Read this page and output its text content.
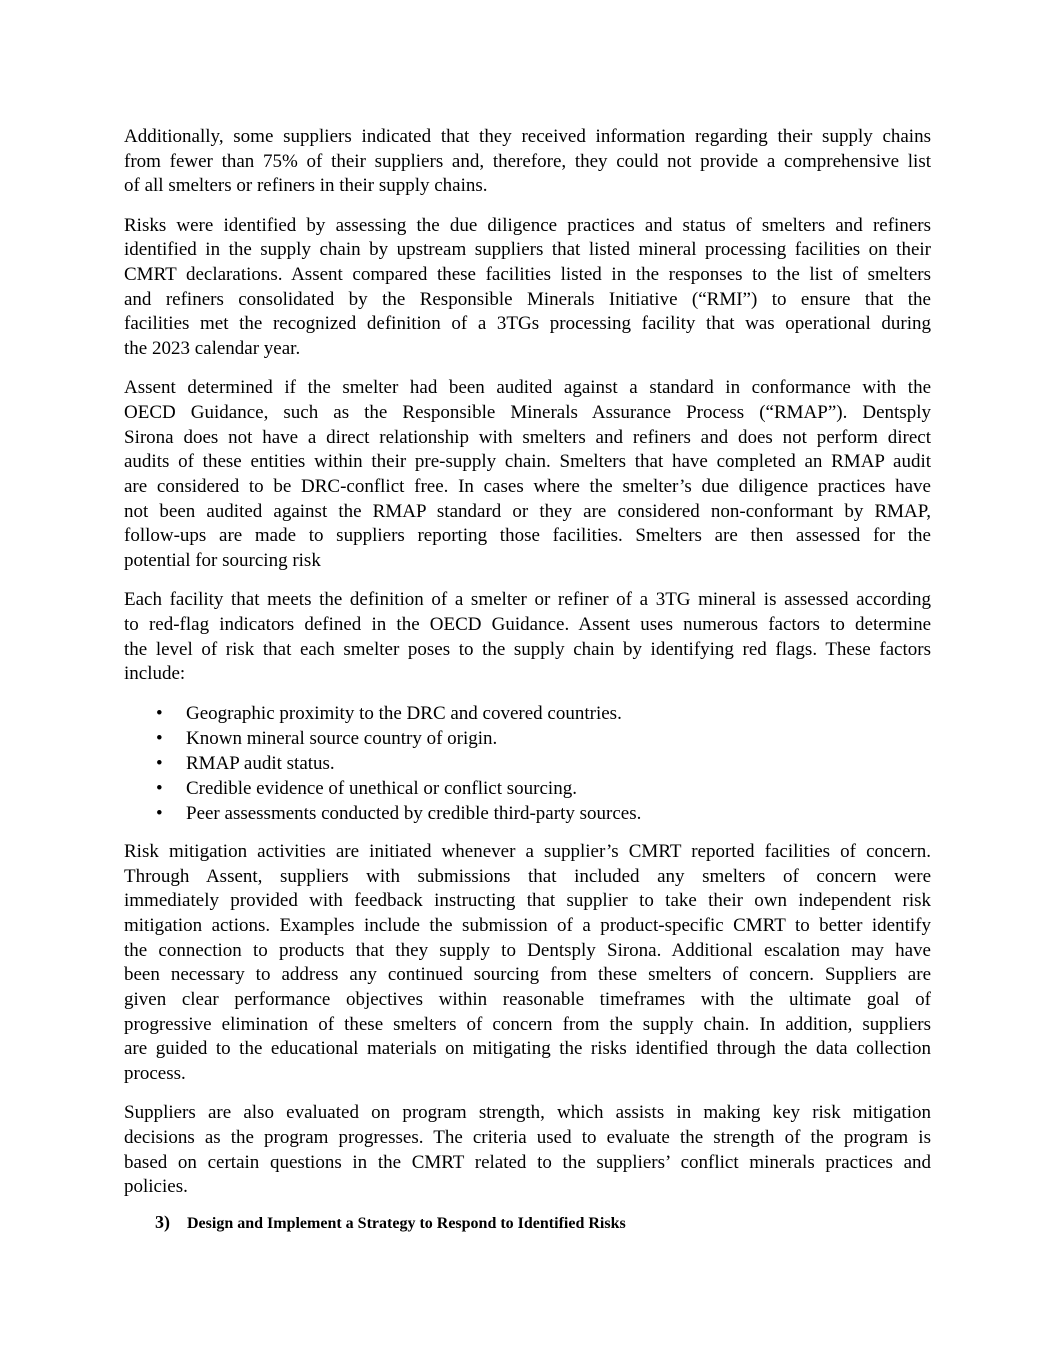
Additionally, some suppliers indicated that they received information regarding their supply chains
from fewer than 75% of their suppliers and, therefore, they could not provide a comprehensive list
of all smelters or refiners in their supply chains.
Risks were identified by assessing the due diligence practices and status of smelters and refiners
identified in the supply chain by upstream suppliers that listed mineral processing facilities on their
CMRT declarations. Assent compared these facilities listed in the responses to the list of smelters
and refiners consolidated by the Responsible Minerals Initiative (“RMI”) to ensure that the
facilities met the recognized definition of a 3TGs processing facility that was operational during
the 2023 calendar year.
Assent determined if the smelter had been audited against a standard in conformance with the
OECD Guidance, such as the Responsible Minerals Assurance Process (“RMAP”). Dentsply
Sirona does not have a direct relationship with smelters and refiners and does not perform direct
audits of these entities within their pre-supply chain. Smelters that have completed an RMAP audit
are considered to be DRC-conflict free. In cases where the smelter’s due diligence practices have
not been audited against the RMAP standard or they are considered non-conformant by RMAP,
follow-ups are made to suppliers reporting those facilities. Smelters are then assessed for the
potential for sourcing risk
Each facility that meets the definition of a smelter or refiner of a 3TG mineral is assessed according
to red-flag indicators defined in the OECD Guidance. Assent uses numerous factors to determine
the level of risk that each smelter poses to the supply chain by identifying red flags. These factors
include:
• Geographic proximity to the DRC and covered countries.
• Known mineral source country of origin.
• RMAP audit status.
• Credible evidence of unethical or conflict sourcing.
• Peer assessments conducted by credible third-party sources.
Risk mitigation activities are initiated whenever a supplier’s CMRT reported facilities of concern.
Through Assent, suppliers with submissions that included any smelters of concern were
immediately provided with feedback instructing that supplier to take their own independent risk
mitigation actions. Examples include the submission of a product-specific CMRT to better identify
the connection to products that they supply to Dentsply Sirona. Additional escalation may have
been necessary to address any continued sourcing from these smelters of concern. Suppliers are
given clear performance objectives within reasonable timeframes with the ultimate goal of
progressive elimination of these smelters of concern from the supply chain. In addition, suppliers
are guided to the educational materials on mitigating the risks identified through the data collection
process.
Suppliers are also evaluated on program strength, which assists in making key risk mitigation
decisions as the program progresses. The criteria used to evaluate the strength of the program is
based on certain questions in the CMRT related to the suppliers’ conflict minerals practices and
policies.
3) Design and Implement a Strategy to Respond to Identified Risks
